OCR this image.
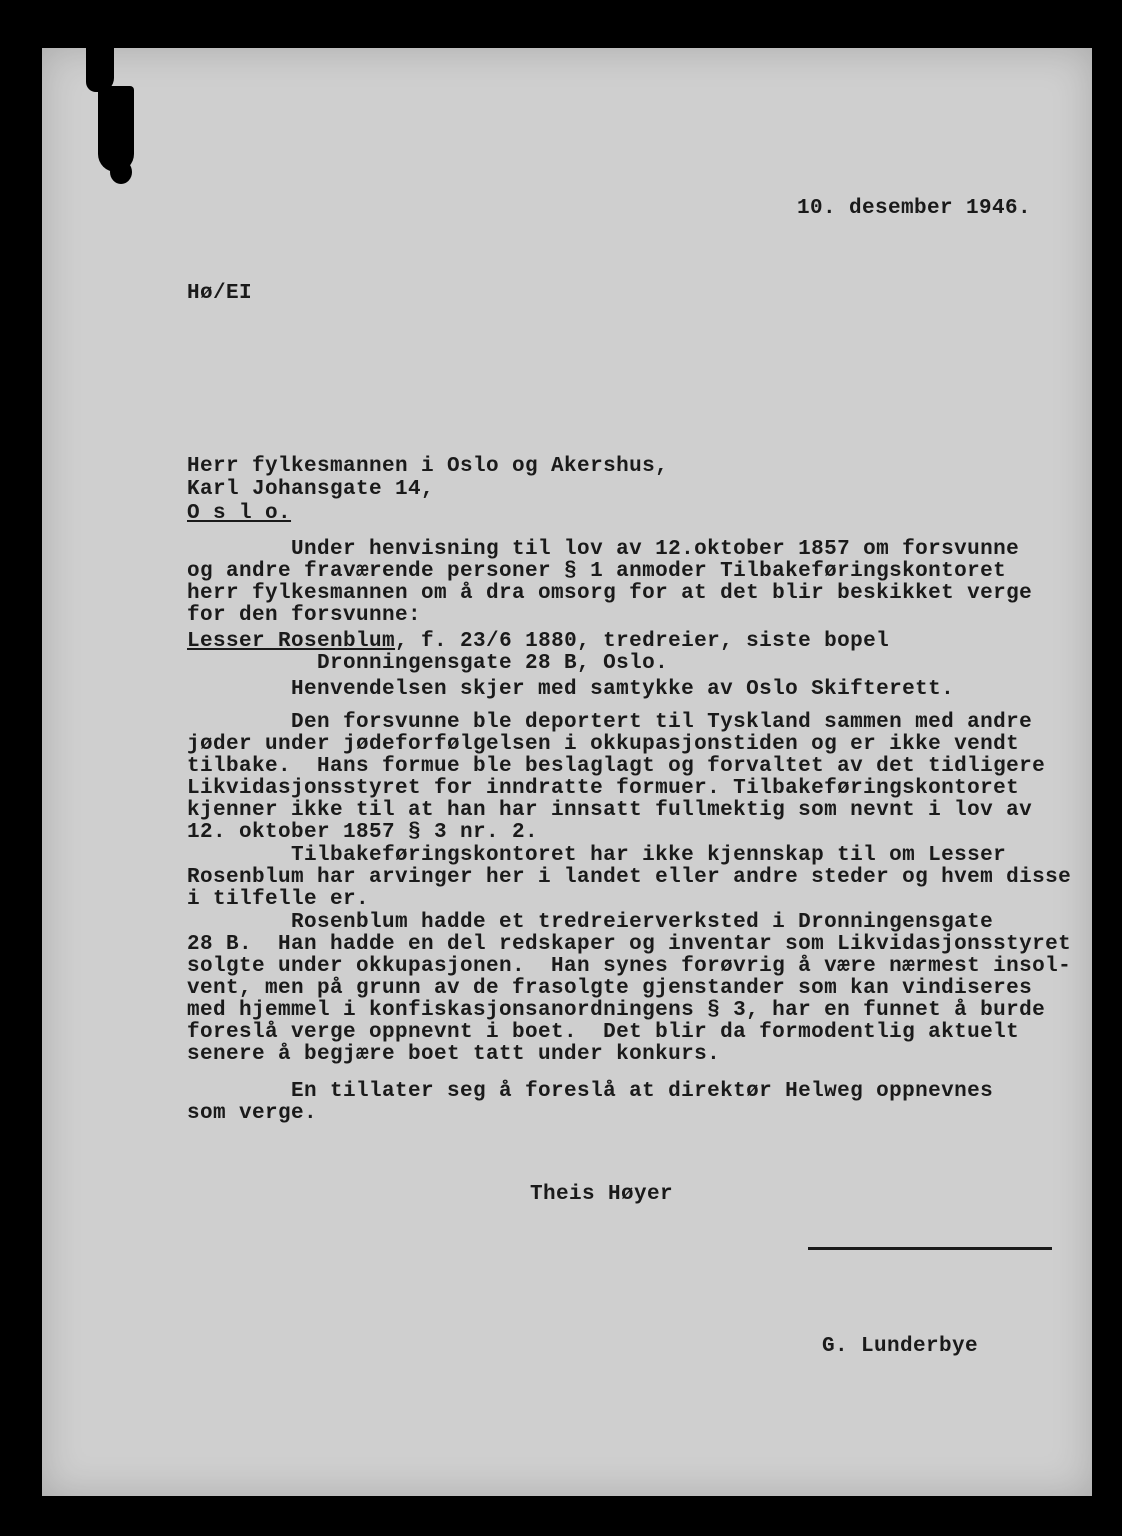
10. desember 1946.

Hø/EI

Herr fylkesmannen i Oslo og Akershus,

Karl Johansgate 14,

O s l o.

Under henvisning til lov av 12.oktober 1857 om forsvunne

og andre fraværende personer § 1 anmoder Tilbakeføringskontoret

herr fylkesmannen om å dra omsorg for at det blir beskikket verge

for den forsvunne:

Lesser Rosenblum, f. 23/6 1880, tredreier, siste bopel

Dronningensgate 28 B, Oslo.

Henvendelsen skjer med samtykke av Oslo Skifterett.

Den forsvunne ble deportert til Tyskland sammen med andre

jøder under jødeforfølgelsen i okkupasjonstiden og er ikke vendt

tilbake.  Hans formue ble beslaglagt og forvaltet av det tidligere

Likvidasjonsstyret for inndratte formuer. Tilbakeføringskontoret

kjenner ikke til at han har innsatt fullmektig som nevnt i lov av

12. oktober 1857 § 3 nr. 2.

Tilbakeføringskontoret har ikke kjennskap til om Lesser

Rosenblum har arvinger her i landet eller andre steder og hvem disse

i tilfelle er.

Rosenblum hadde et tredreierverksted i Dronningensgate

28 B.  Han hadde en del redskaper og inventar som Likvidasjonsstyret

solgte under okkupasjonen.  Han synes forøvrig å være nærmest insol-

vent, men på grunn av de frasolgte gjenstander som kan vindiseres

med hjemmel i konfiskasjonsanordningens § 3, har en funnet å burde

foreslå verge oppnevnt i boet.  Det blir da formodentlig aktuelt

senere å begjære boet tatt under konkurs.

En tillater seg å foreslå at direktør Helweg oppnevnes

som verge.

Theis Høyer

G. Lunderbye
